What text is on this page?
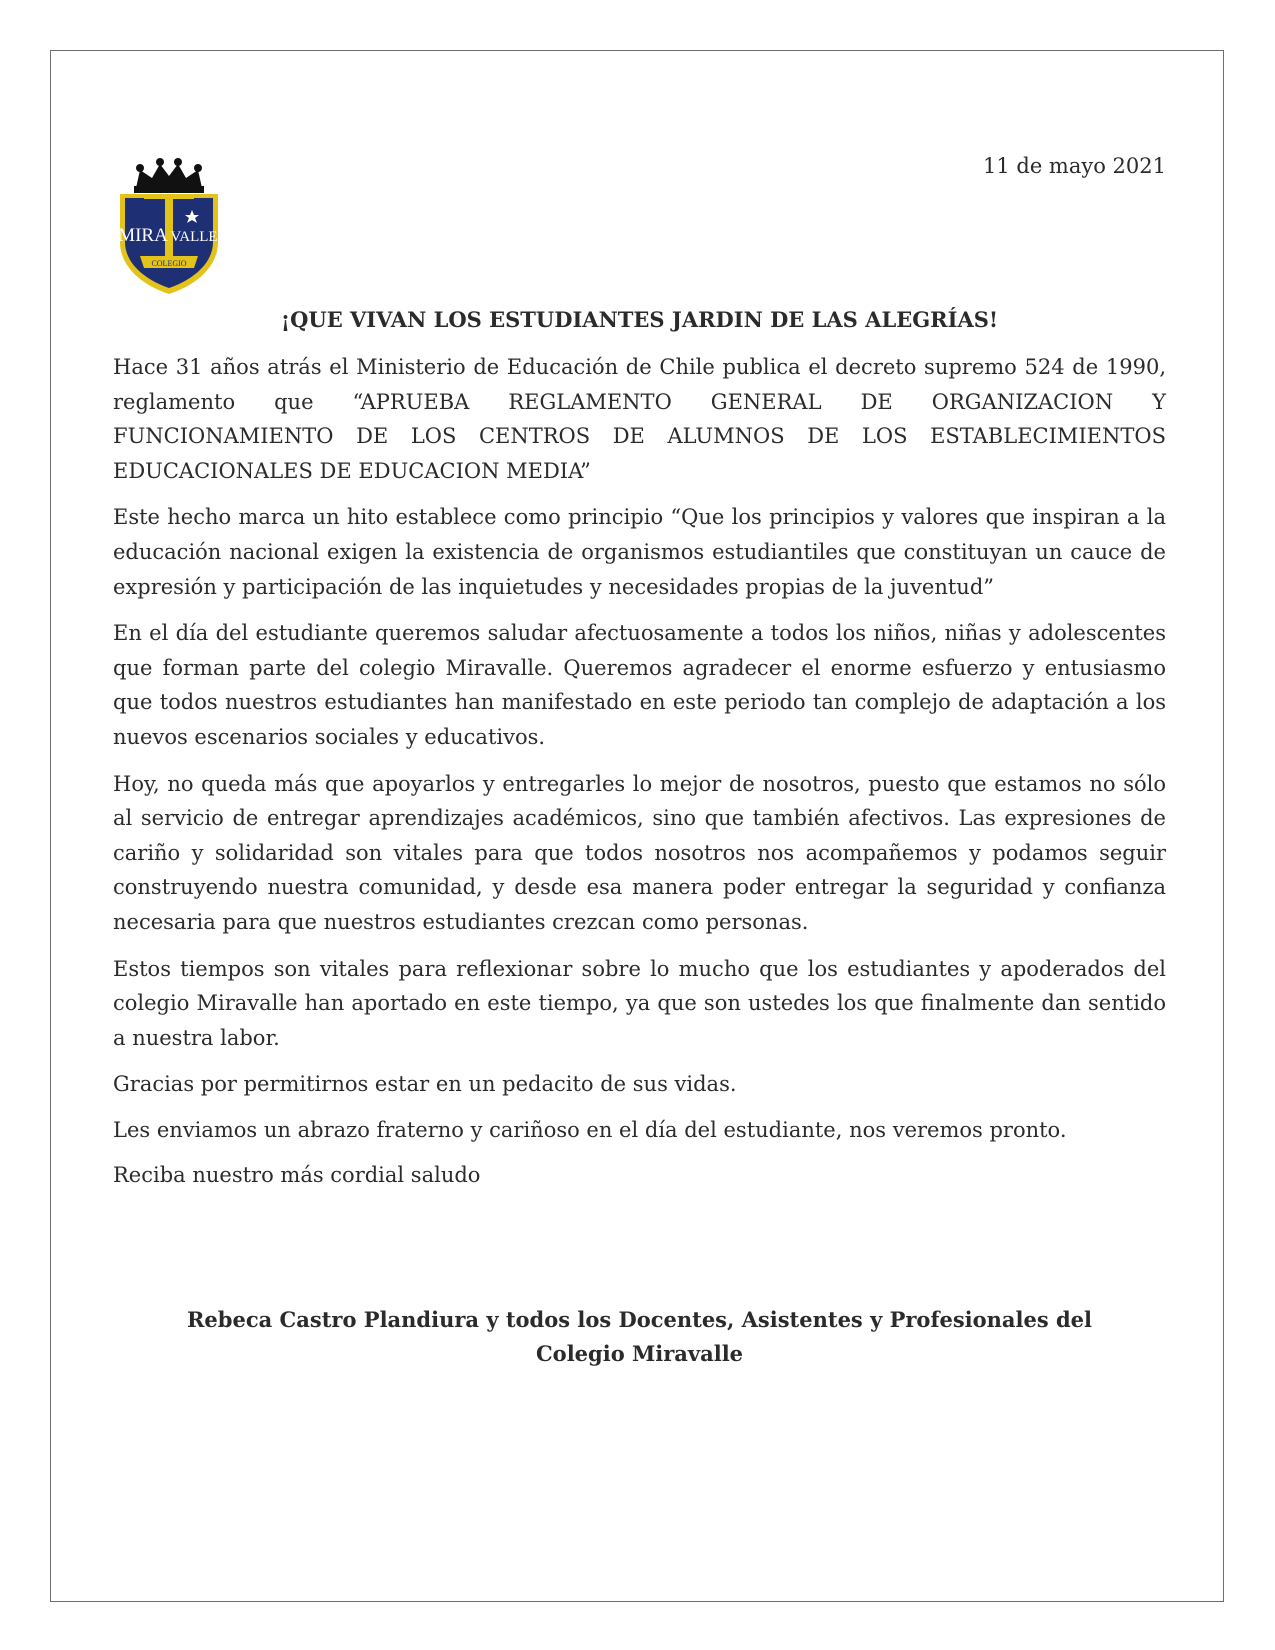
MIRA VALLE
COLEGIO
11 de mayo 2021
¡QUE VIVAN LOS ESTUDIANTES JARDIN DE LAS ALEGRÍAS!

Hace 31 años atrás el Ministerio de Educación de Chile publica el decreto supremo 524 de 1990, reglamento que “APRUEBA REGLAMENTO GENERAL DE ORGANIZACION Y FUNCIONAMIENTO DE LOS CENTROS DE ALUMNOS DE LOS ESTABLECIMIENTOS EDUCACIONALES DE EDUCACION MEDIA”

Este hecho marca un hito establece como principio “Que los principios y valores que inspiran a la educación nacional exigen la existencia de organismos estudiantiles que constituyan un cauce de expresión y participación de las inquietudes y necesidades propias de la juventud”

En el día del estudiante queremos saludar afectuosamente a todos los niños, niñas y adolescentes que forman parte del colegio Miravalle. Queremos agradecer el enorme esfuerzo y entusiasmo que todos nuestros estudiantes han manifestado en este periodo tan complejo de adaptación a los nuevos escenarios sociales y educativos.

Hoy, no queda más que apoyarlos y entregarles lo mejor de nosotros, puesto que estamos no sólo al servicio de entregar aprendizajes académicos, sino que también afectivos. Las expresiones de cariño y solidaridad son vitales para que todos nosotros nos acompañemos y podamos seguir construyendo nuestra comunidad, y desde esa manera poder entregar la seguridad y confianza necesaria para que nuestros estudiantes crezcan como personas.

Estos tiempos son vitales para reflexionar sobre lo mucho que los estudiantes y apoderados del colegio Miravalle han aportado en este tiempo, ya que son ustedes los que finalmente dan sentido a nuestra labor.

Gracias por permitirnos estar en un pedacito de sus vidas.

Les enviamos un abrazo fraterno y cariñoso en el día del estudiante, nos veremos pronto.

Reciba nuestro más cordial saludo

Rebeca Castro Plandiura y todos los Docentes, Asistentes y Profesionales del
Colegio Miravalle
